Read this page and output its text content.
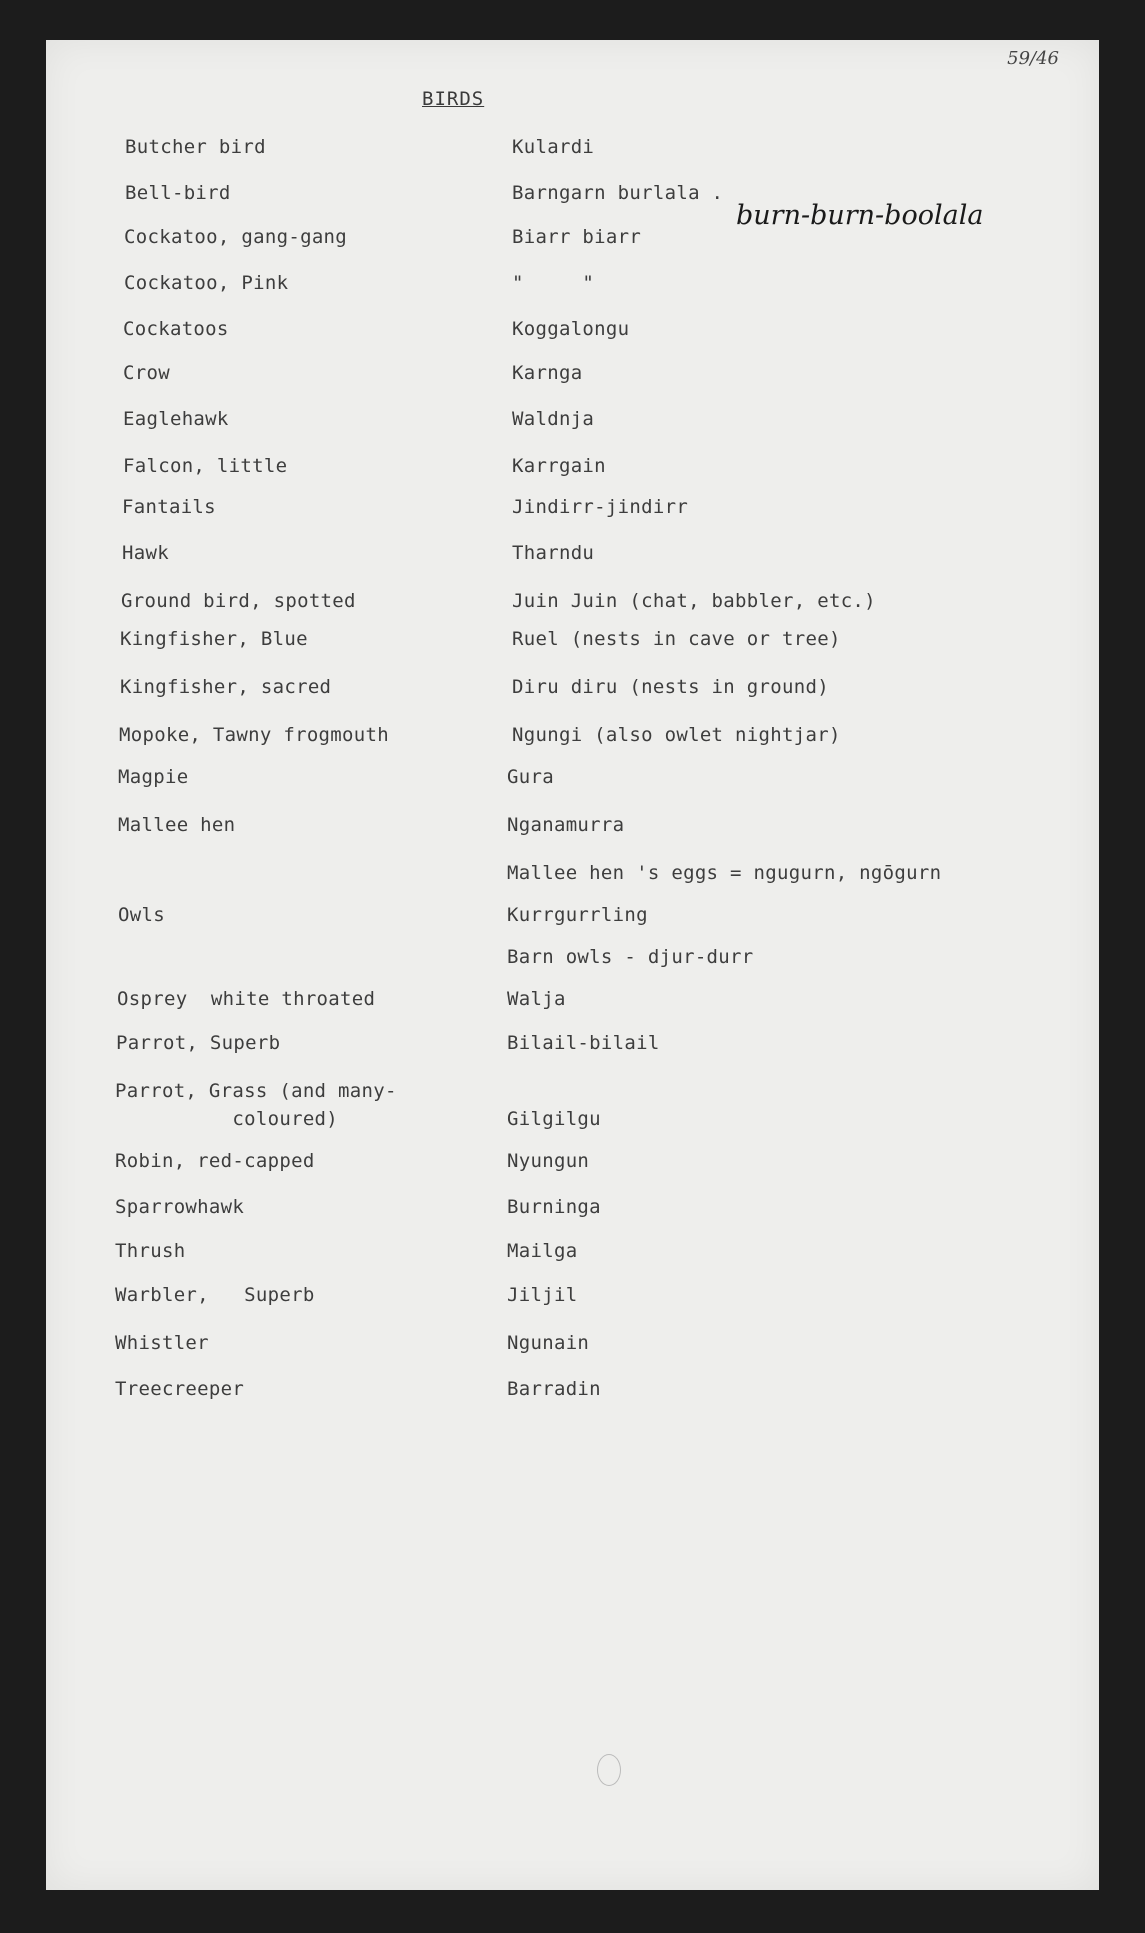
59/46
BIRDS
burn-burn-boolala
Butcher bird	Kulardi
Bell-bird	Barngarn burlala .
Cockatoo, gang-gang	Biarr biarr
Cockatoo, Pink	"     "
Cockatoos	Koggalongu
Crow	Karnga
Eaglehawk	Waldnja
Falcon, little	Karrgain
Fantails	Jindirr-jindirr
Hawk	Tharndu
Ground bird, spotted	Juin Juin (chat, babbler, etc.)
Kingfisher, Blue	Ruel (nests in cave or tree)
Kingfisher, sacred	Diru diru (nests in ground)
Mopoke, Tawny frogmouth	Ngungi (also owlet nightjar)
Magpie	Gura
Mallee hen	Nganamurra
Mallee hen 's eggs = ngugurn, ngōgurn
Owls	Kurrgurrling
Barn owls - djur-durr
Osprey  white throated	Walja
Parrot, Superb	Bilail-bilail
Parrot, Grass (and many-
coloured)	Gilgilgu
Robin, red-capped	Nyungun
Sparrowhawk	Burninga
Thrush	Mailga
Warbler,   Superb	Jiljil
Whistler	Ngunain
Treecreeper	Barradin
